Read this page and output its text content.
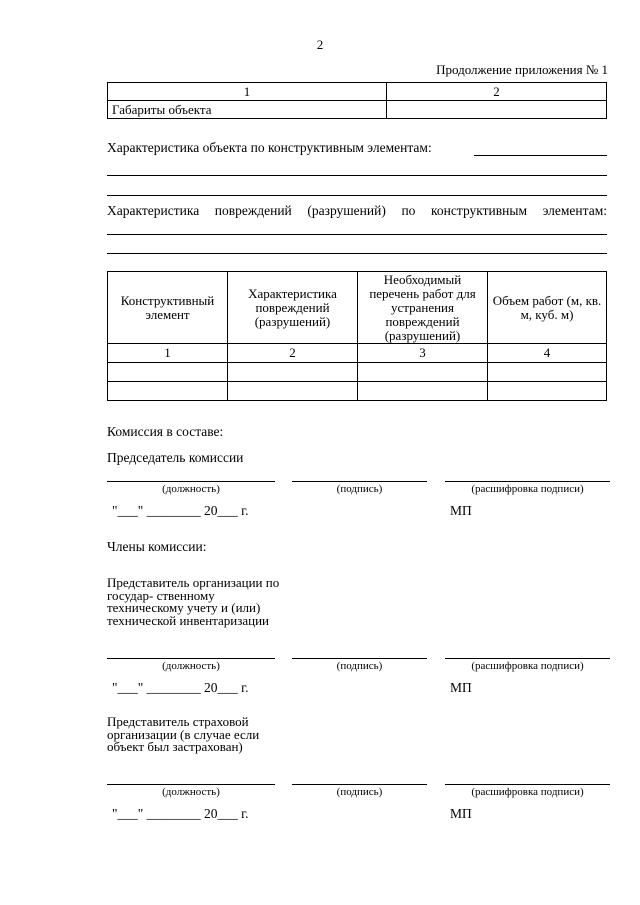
2
Продолжение приложения № 1
1	2
Габариты объекта	
Характеристика объекта по конструктивным элементам:
Характеристика повреждений (разрушений) по конструктивным элементам:
Конструктивный элемент	Характеристика повреждений (разрушений)	Необходимый перечень работ для устранения повреждений (разрушений)	Объем работ (м, кв. м, куб. м)
1	2	3	4

Комиссия в составе:
Председатель комиссии
(должность)	(подпись)	(расшифровка подписи)
"___" ________ 20___ г.	МП
Члены комиссии:
Представитель организации по государ- ственному техническому учету и (или) технической инвентаризации
(должность)	(подпись)	(расшифровка подписи)
"___" ________ 20___ г.	МП
Представитель страховой организации (в случае если объект был застрахован)
(должность)	(подпись)	(расшифровка подписи)
"___" ________ 20___ г.	МП
